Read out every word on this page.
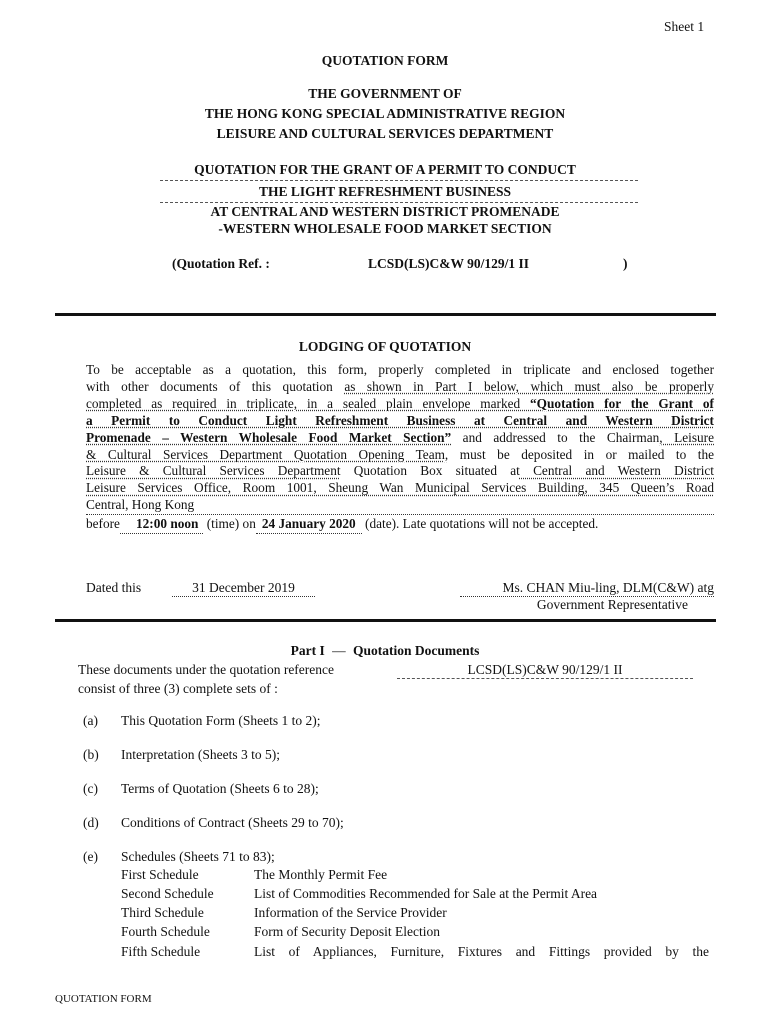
Sheet 1
QUOTATION FORM
THE GOVERNMENT OF
THE HONG KONG SPECIAL ADMINISTRATIVE REGION
LEISURE AND CULTURAL SERVICES DEPARTMENT
QUOTATION FOR THE GRANT OF A PERMIT TO CONDUCT
THE LIGHT REFRESHMENT BUSINESS
AT CENTRAL AND WESTERN DISTRICT PROMENADE
-WESTERN WHOLESALE FOOD MARKET SECTION
(Quotation Ref. :	LCSD(LS)C&W 90/129/1 II	)
LODGING OF QUOTATION
To be acceptable as a quotation, this form, properly completed in triplicate and enclosed together
with other documents of this quotation as shown in Part I below, which must also be properly
completed as required in triplicate, in a sealed plain envelope marked “Quotation for the Grant of
a Permit to Conduct Light Refreshment Business at Central and Western District
Promenade – Western Wholesale Food Market Section” and addressed to the Chairman, Leisure
& Cultural Services Department Quotation Opening Team, must be deposited in or mailed to the
Leisure & Cultural Services Department Quotation Box situated at Central and Western District
Leisure Services Office, Room 1001, Sheung Wan Municipal Services Building, 345 Queen’s Road
Central, Hong Kong
before 12:00 noon (time) on 24 January 2020 (date). Late quotations will not be accepted.
Dated this	31 December 2019	Ms. CHAN Miu-ling, DLM(C&W) atg
Government Representative
Part I — Quotation Documents
These documents under the quotation reference	LCSD(LS)C&W 90/129/1 II
consist of three (3) complete sets of :
(a) This Quotation Form (Sheets 1 to 2);
(b) Interpretation (Sheets 3 to 5);
(c) Terms of Quotation (Sheets 6 to 28);
(d) Conditions of Contract (Sheets 29 to 70);
(e) Schedules (Sheets 71 to 83);
First Schedule	The Monthly Permit Fee
Second Schedule	List of Commodities Recommended for Sale at the Permit Area
Third Schedule	Information of the Service Provider
Fourth Schedule	Form of Security Deposit Election
Fifth Schedule	List of Appliances, Furniture, Fixtures and Fittings provided by the
QUOTATION FORM
